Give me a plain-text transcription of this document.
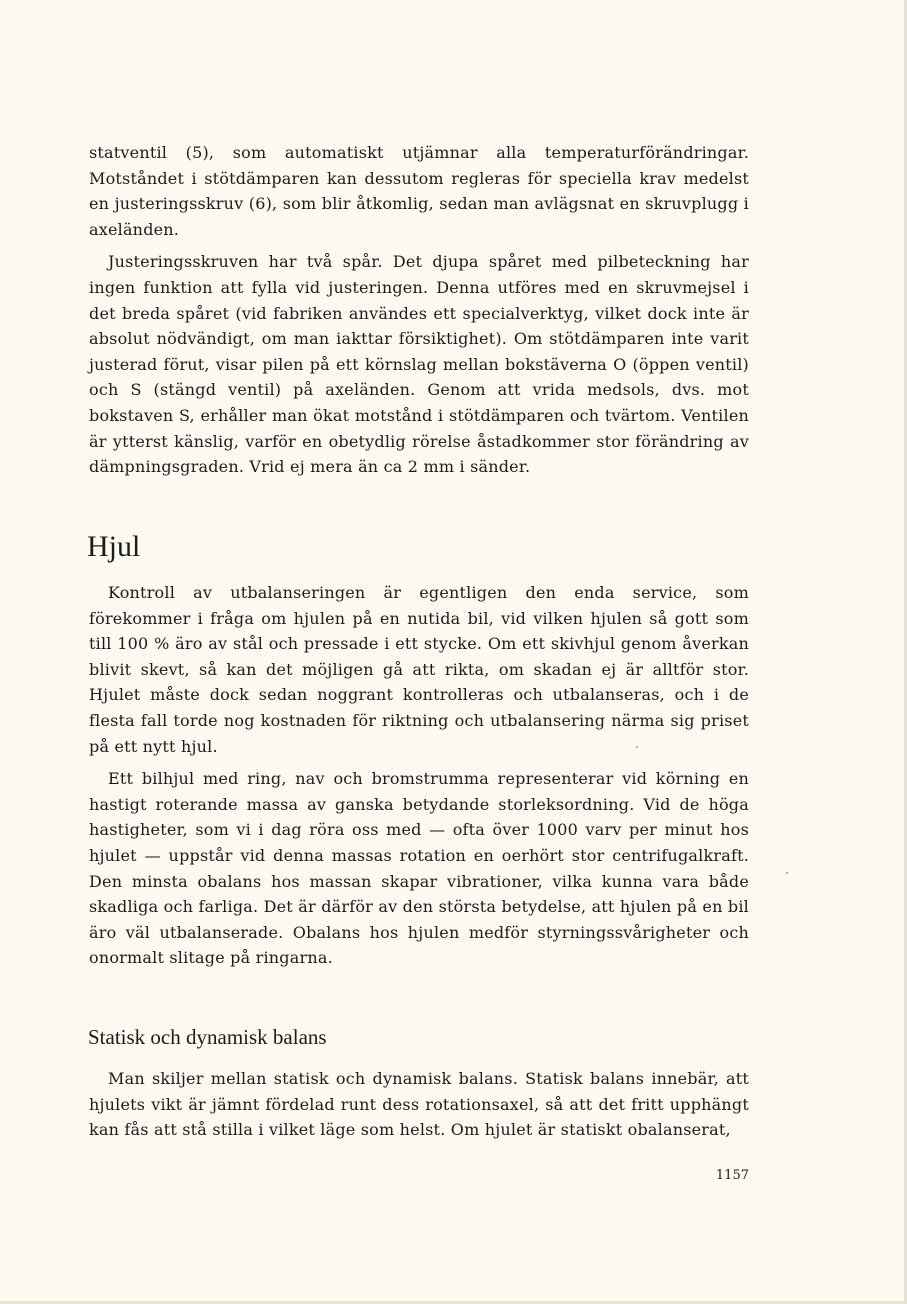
statventil (5), som automatiskt utjämnar alla temperaturförändringar. Motståndet i stötdämparen kan dessutom regleras för speciella krav medelst en justeringsskruv (6), som blir åtkomlig, sedan man avlägsnat en skruvplugg i axeländen.

Justeringsskruven har två spår. Det djupa spåret med pilbeteckning har ingen funktion att fylla vid justeringen. Denna utföres med en skruvmejsel i det breda spåret (vid fabriken användes ett specialverktyg, vilket dock inte är absolut nödvändigt, om man iakttar försiktighet). Om stötdämparen inte varit justerad förut, visar pilen på ett körnslag mellan bokstäverna O (öppen ventil) och S (stängd ventil) på axeländen. Genom att vrida medsols, dvs. mot bokstaven S, erhåller man ökat motstånd i stötdämparen och tvärtom. Ventilen är ytterst känslig, varför en obetydlig rörelse åstadkommer stor förändring av dämpningsgraden. Vrid ej mera än ca 2 mm i sänder.

Hjul

Kontroll av utbalanseringen är egentligen den enda service, som förekommer i fråga om hjulen på en nutida bil, vid vilken hjulen så gott som till 100 % äro av stål och pressade i ett stycke. Om ett skivhjul genom åverkan blivit skevt, så kan det möjligen gå att rikta, om skadan ej är alltför stor. Hjulet måste dock sedan noggrant kontrolleras och utbalanseras, och i de flesta fall torde nog kostnaden för riktning och utbalansering närma sig priset på ett nytt hjul.

Ett bilhjul med ring, nav och bromstrumma representerar vid körning en hastigt roterande massa av ganska betydande storleksordning. Vid de höga hastigheter, som vi i dag röra oss med — ofta över 1000 varv per minut hos hjulet — uppstår vid denna massas rotation en oerhört stor centrifugalkraft. Den minsta obalans hos massan skapar vibrationer, vilka kunna vara både skadliga och farliga. Det är därför av den största betydelse, att hjulen på en bil äro väl utbalanserade. Obalans hos hjulen medför styrningssvårigheter och onormalt slitage på ringarna.

Statisk och dynamisk balans

Man skiljer mellan statisk och dynamisk balans. Statisk balans innebär, att hjulets vikt är jämnt fördelad runt dess rotationsaxel, så att det fritt upphängt kan fås att stå stilla i vilket läge som helst. Om hjulet är statiskt obalanserat,

1157
